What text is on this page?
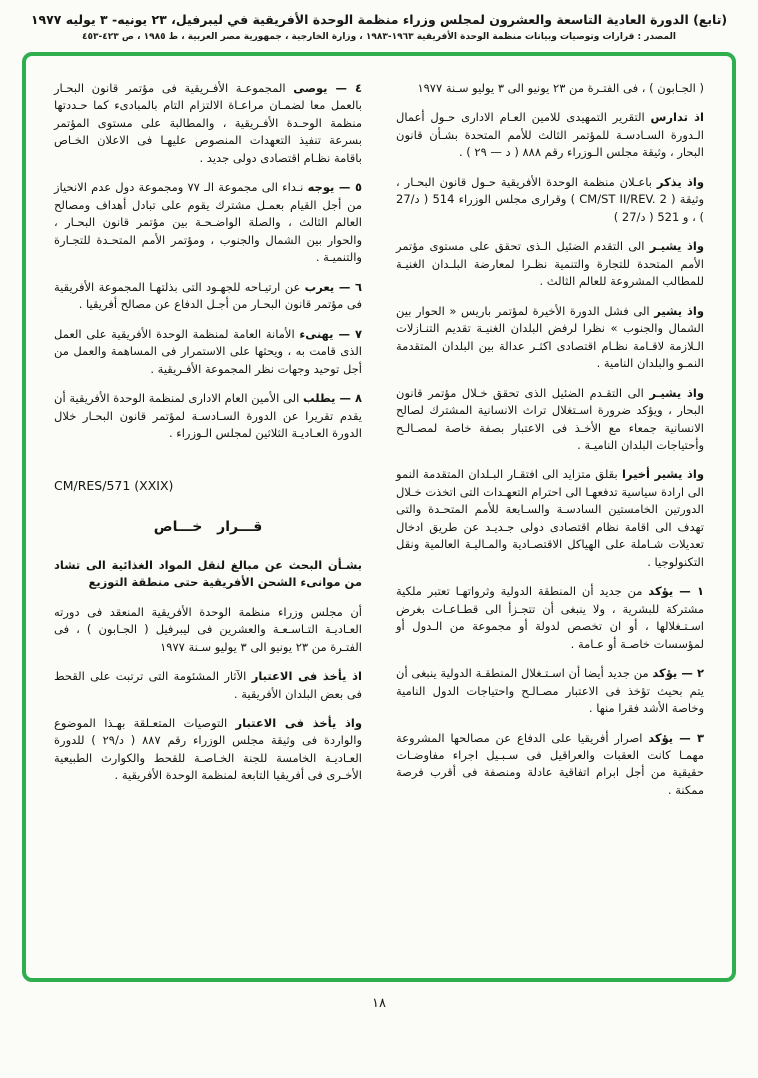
(تابع) الدورة العادية التاسعة والعشرون لمجلس وزراء منظمة الوحدة الأفريقية في ليبرفيل، ٢٣ يونيه- ٣ يوليه ١٩٧٧
المصدر : قرارات وتوصيات وبيانات منظمة الوحدة الأفريقية ١٩٦٣-١٩٨٣ ، وزارة الخارجية ، جمهورية مصر العربية ، ط ١٩٨٥ ، ص ٤٢٣-٤٥٣

( الجـابون ) ، فى الفتـرة من ٢٣ يونيو الى ٣ يوليو سـنة ١٩٧٧

اذ تدارس التقرير التمهيدى للامين العـام الادارى حـول أعمال الـدورة السـادسـة للمؤتمر الثالث للأمم المتحدة بشـأن قانون البحار ، وثيقة مجلس الـوزراء رقم ٨٨٨ ( د — ٢٩ ) .

واذ يذكر باعـلان منظمة الوحدة الأفريقية حـول قانون البحـار ، وثيقة ( CM/ST II/REV. 2 ) وقرارى مجلس الوزراء 514 ( د/27 ) ، و 521 ( د/27 )

واذ يشيـر الى التقدم الضئيل الـذى تحقق على مستوى مؤتمر الأمم المتحدة للتجارة والتنمية نظـرا لمعارضة البلـدان الغنيـة للمطالب المشروعة للعالم الثالث .

واذ يشير الى فشل الدورة الأخيرة لمؤتمر باريس « الحوار بين الشمال والجنوب » نظرا لرفض البلدان الغنيـة تقديم التنـازلات الـلازمة لاقـامة نظـام اقتصادى اكثـر عدالة بين البلدان المتقدمة النمـو والبلدان النامية .

واذ يشيـر الى التقـدم الضئيل الذى تحقق خـلال مؤتمر قانون البحار ، ويؤكد ضرورة اسـتغلال تراث الانسانية المشترك لصالح الانسانية جمعاء مع الأخـذ فى الاعتبار بصفة خاصة لمصـالـح وأحتياجات البلدان الناميـة .

واذ يشير أخيرا بقلق متزايد الى افتقـار البـلدان المتقدمة النمو الى ارادة سياسية تدفعهـا الى احترام التعهـدات التى اتخذت خـلال الدورتين الخامستين السادسـة والسـابعة للأمم المتحـدة والتى تهدف الى اقامة نظام اقتصادى دولى جـديـد عن طريق ادخال تعديلات شـاملة على الهياكل الاقتصـادية والمـاليـة العالمية ونقل التكنولوجيا .

١ — يؤكد من جديد أن المنطقة الدولية وثرواتهـا تعتبر ملكية مشتركة للبشرية ، ولا ينبغى أن تتجـزأ الى قطـاعـات بغرض اسـتـغلالها ، أو ان تخصص لدولة أو مجموعة من الـدول أو لمؤسسات خاصـة أو عـامة .

٢ — يؤكد من جديد أيضا أن اسـتـغلال المنطقـة الدولية ينبغى أن يتم بحيث تؤخذ فى الاعتبار مصـالـح واحتياجات الدول النامية وخاصة الأشد فقرا منها .

٣ — يؤكد اصرار أفريقيا على الدفاع عن مصالحها المشروعة مهمـا كانت العقبات والعراقيل فى سـبـيل اجراء مفاوضـات حقيقية من أجل ابرام اتفاقية عادلة ومنصفة فى أقرب فرصة ممكنة .

٤ — يوصى المجموعـة الأفـريقية فى مؤتمر قانون البحـار بالعمل معا لضمـان مراعـاة الالتزام التام بالمبادىء كما حـددتها منظمة الوحـدة الأفـريقية ، والمطالبة على مستوى المؤتمر بسرعة تنفيذ التعهدات المنصوص عليهـا فى الاعلان الخـاص باقامة نظـام اقتصادى دولى جديد .

٥ — يوجه نـداء الى مجموعة الـ ٧٧ ومجموعة دول عدم الانحياز من أجل القيام بعمـل مشترك يقوم على تبادل أهداف ومصالح العالم الثالث ، والصلة الواضـحـة بين مؤتمر قانون البحـار ، والحوار بين الشمال والجنوب ، ومؤتمر الأمم المتحـدة للتجـارة والتنميـة .

٦ — يعرب عن ارتيـاحه للجهـود التى بذلتهـا المجموعة الأفريقية فى مؤتمر قانون البحـار من أجـل الدفاع عن مصالح أفريقيا .

٧ — يهنىء الأمانة العامة لمنظمة الوحدة الأفريقية على العمل الذى قامت به ، ويحثها على الاستمرار فى المساهمة والعمل من أجل توحيد وجهات نظر المجموعة الأفـريقية .

٨ — يطلب الى الأمين العام الادارى لمنظمة الوحدة الأفريقية أن يقدم تقريرا عن الدورة السـادسـة لمؤتمر قانون البحـار خلال الدورة العـاديـة الثلاثين لمجلس الـوزراء .

CM/RES/571 (XXIX)
قـــرار خـــاص

بشـأن البحث عن مبالغ لنقل المواد الغذائية الى تشاد من موانىء الشحن الأفريقية حتى منطقة التوزيع

أن مجلس وزراء منظمة الوحدة الأفريقية المنعقد فى دورته العـاديـة التـاسـعـة والعشرين فى ليبرفيل ( الجـابون ) ، فى الفتـرة من ٢٣ يونيو الى ٣ يوليو سـنة ١٩٧٧

اذ يأخذ فى الاعتبار الآثار المشئومة التى ترتبت على القحط فى بعض البلدان الأفريقية .

واذ يأخذ فى الاعتبار التوصيات المتعـلقة بهـذا الموضوع والواردة فى وثيقة مجلس الوزراء رقم ٨٨٧ ( د/٢٩ ) للدورة العـاديـة الخامسة للجنة الخـاصـة للقحط والكوارث الطبيعية الأخـرى فى أفريقيا التابعة لمنظمة الوحدة الأفريقية .

١٨
